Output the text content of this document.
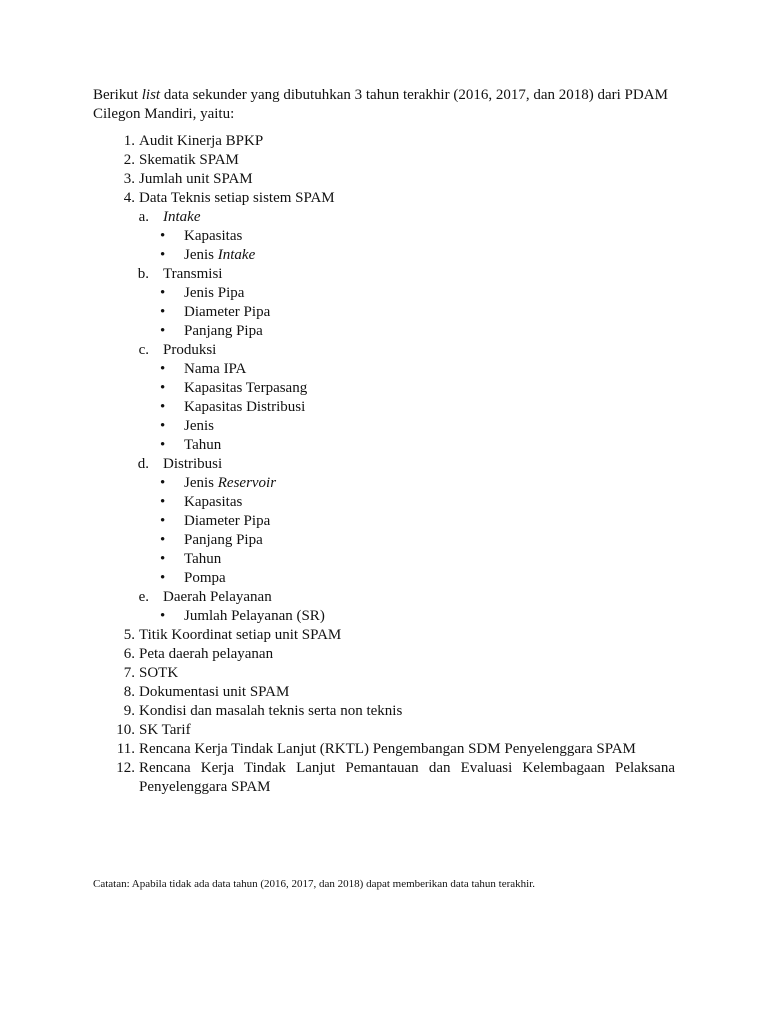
Berikut list data sekunder yang dibutuhkan 3 tahun terakhir (2016, 2017, dan 2018) dari PDAM
Cilegon Mandiri, yaitu:
1. Audit Kinerja BPKP
2. Skematik SPAM
3. Jumlah unit SPAM
4. Data Teknis setiap sistem SPAM
a. Intake
• Kapasitas
• Jenis Intake
b. Transmisi
• Jenis Pipa
• Diameter Pipa
• Panjang Pipa
c. Produksi
• Nama IPA
• Kapasitas Terpasang
• Kapasitas Distribusi
• Jenis
• Tahun
d. Distribusi
• Jenis Reservoir
• Kapasitas
• Diameter Pipa
• Panjang Pipa
• Tahun
• Pompa
e. Daerah Pelayanan
• Jumlah Pelayanan (SR)
5. Titik Koordinat setiap unit SPAM
6. Peta daerah pelayanan
7. SOTK
8. Dokumentasi unit SPAM
9. Kondisi dan masalah teknis serta non teknis
10. SK Tarif
11. Rencana Kerja Tindak Lanjut (RKTL) Pengembangan SDM Penyelenggara SPAM
12. Rencana Kerja Tindak Lanjut Pemantauan dan Evaluasi Kelembagaan Pelaksana
Penyelenggara SPAM
Catatan: Apabila tidak ada data tahun (2016, 2017, dan 2018) dapat memberikan data tahun terakhir.
